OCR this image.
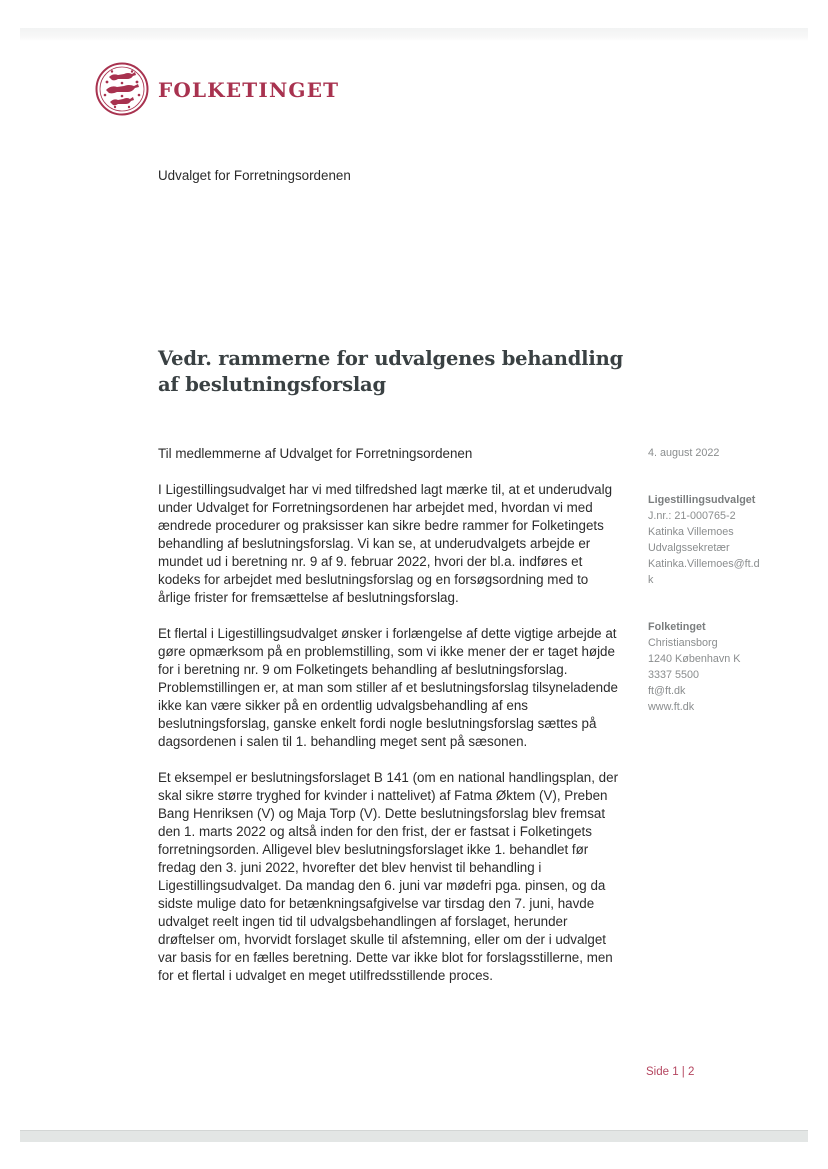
FOLKETINGET
Udvalget for Forretningsordenen
Vedr. rammerne for udvalgenes behandling af beslutningsforslag

Til medlemmerne af Udvalget for Forretningsordenen

I Ligestillingsudvalget har vi med tilfredshed lagt mærke til, at et underudvalg under Udvalget for Forretningsordenen har arbejdet med, hvordan vi med ændrede procedurer og praksisser kan sikre bedre rammer for Folketingets behandling af beslutningsforslag. Vi kan se, at underudvalgets arbejde er mundet ud i beretning nr. 9 af 9. februar 2022, hvori der bl.a. indføres et kodeks for arbejdet med beslutningsforslag og en forsøgsordning med to årlige frister for fremsættelse af beslutningsforslag.

Et flertal i Ligestillingsudvalget ønsker i forlængelse af dette vigtige arbejde at gøre opmærksom på en problemstilling, som vi ikke mener der er taget højde for i beretning nr. 9 om Folketingets behandling af beslutningsforslag. Problemstillingen er, at man som stiller af et beslutningsforslag tilsyneladende ikke kan være sikker på en ordentlig udvalgsbehandling af ens beslutningsforslag, ganske enkelt fordi nogle beslutningsforslag sættes på dagsordenen i salen til 1. behandling meget sent på sæsonen.

Et eksempel er beslutningsforslaget B 141 (om en national handlingsplan, der skal sikre større tryghed for kvinder i nattelivet) af Fatma Øktem (V), Preben Bang Henriksen (V) og Maja Torp (V). Dette beslutningsforslag blev fremsat den 1. marts 2022 og altså inden for den frist, der er fastsat i Folketingets forretningsorden. Alligevel blev beslutningsforslaget ikke 1. behandlet før fredag den 3. juni 2022, hvorefter det blev henvist til behandling i Ligestillingsudvalget. Da mandag den 6. juni var mødefri pga. pinsen, og da sidste mulige dato for betænkningsafgivelse var tirsdag den 7. juni, havde udvalget reelt ingen tid til udvalgsbehandlingen af forslaget, herunder drøftelser om, hvorvidt forslaget skulle til afstemning, eller om der i udvalget var basis for en fælles beretning. Dette var ikke blot for forslagsstillerne, men for et flertal i udvalget en meget utilfredsstillende proces.

4. august 2022
Ligestillingsudvalget
J.nr.: 21-000765-2
Katinka Villemoes
Udvalgssekretær
Katinka.Villemoes@ft.d
k
Folketinget
Christiansborg
1240 København K
3337 5500
ft@ft.dk
www.ft.dk
Side 1 | 2
